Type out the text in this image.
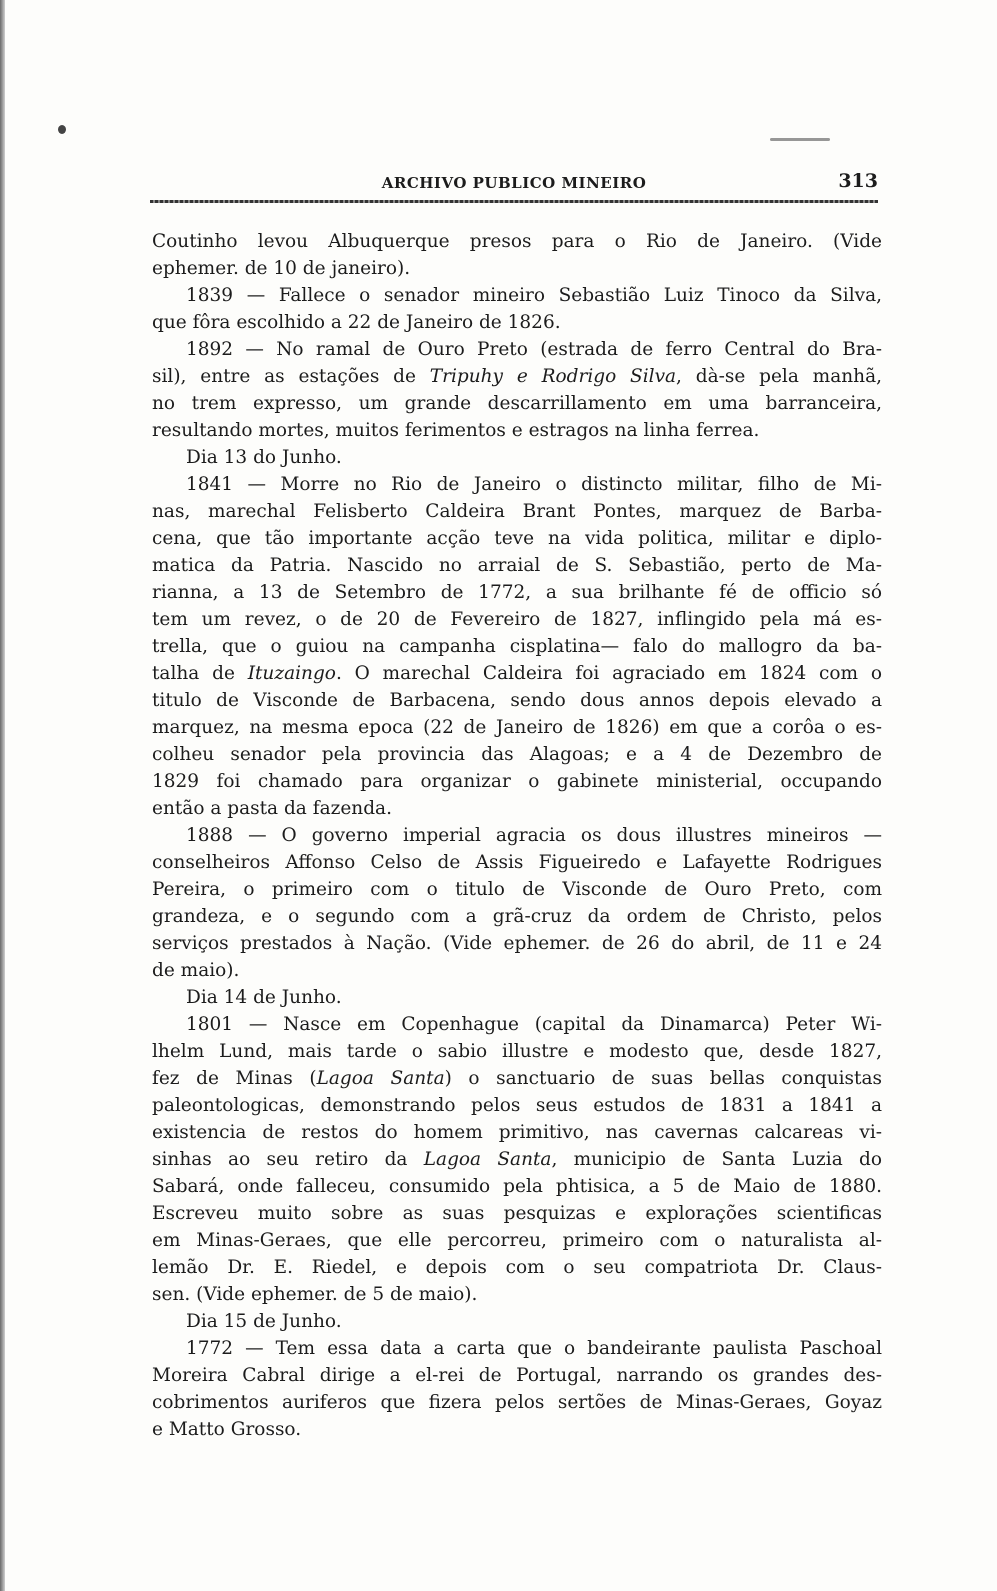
ARCHIVO PUBLICO MINEIRO	313
Coutinho levou Albuquerque presos para o Rio de Janeiro. (Vide
ephemer. de 10 de janeiro).
1839 — Fallece o senador mineiro Sebastião Luiz Tinoco da Silva,
que fôra escolhido a 22 de Janeiro de 1826.
1892 — No ramal de Ouro Preto (estrada de ferro Central do Bra-
sil), entre as estações de Tripuhy e Rodrigo Silva, dà-se pela manhã,
no trem expresso, um grande descarrillamento em uma barranceira,
resultando mortes, muitos ferimentos e estragos na linha ferrea.
Dia 13 do Junho.
1841 — Morre no Rio de Janeiro o distincto militar, filho de Mi-
nas, marechal Felisberto Caldeira Brant Pontes, marquez de Barba-
cena, que tão importante acção teve na vida politica, militar e diplo-
matica da Patria. Nascido no arraial de S. Sebastião, perto de Ma-
rianna, a 13 de Setembro de 1772, a sua brilhante fé de officio só
tem um revez, o de 20 de Fevereiro de 1827, inflingido pela má es-
trella, que o guiou na campanha cisplatina— falo do mallogro da ba-
talha de Ituzaingo. O marechal Caldeira foi agraciado em 1824 com o
titulo de Visconde de Barbacena, sendo dous annos depois elevado a
marquez, na mesma epoca (22 de Janeiro de 1826) em que a corôa o es-
colheu senador pela provincia das Alagoas; e a 4 de Dezembro de
1829 foi chamado para organizar o gabinete ministerial, occupando
então a pasta da fazenda.
1888 — O governo imperial agracia os dous illustres mineiros —
conselheiros Affonso Celso de Assis Figueiredo e Lafayette Rodrigues
Pereira, o primeiro com o titulo de Visconde de Ouro Preto, com
grandeza, e o segundo com a grã-cruz da ordem de Christo, pelos
serviços prestados à Nação. (Vide ephemer. de 26 do abril, de 11 e 24
de maio).
Dia 14 de Junho.
1801 — Nasce em Copenhague (capital da Dinamarca) Peter Wi-
lhelm Lund, mais tarde o sabio illustre e modesto que, desde 1827,
fez de Minas (Lagoa Santa) o sanctuario de suas bellas conquistas
paleontologicas, demonstrando pelos seus estudos de 1831 a 1841 a
existencia de restos do homem primitivo, nas cavernas calcareas vi-
sinhas ao seu retiro da Lagoa Santa, municipio de Santa Luzia do
Sabará, onde falleceu, consumido pela phtisica, a 5 de Maio de 1880.
Escreveu muito sobre as suas pesquizas e explorações scientificas
em Minas-Geraes, que elle percorreu, primeiro com o naturalista al-
lemão Dr. E. Riedel, e depois com o seu compatriota Dr. Claus-
sen. (Vide ephemer. de 5 de maio).
Dia 15 de Junho.
1772 — Tem essa data a carta que o bandeirante paulista Paschoal
Moreira Cabral dirige a el-rei de Portugal, narrando os grandes des-
cobrimentos auriferos que fizera pelos sertões de Minas-Geraes, Goyaz
e Matto Grosso.
